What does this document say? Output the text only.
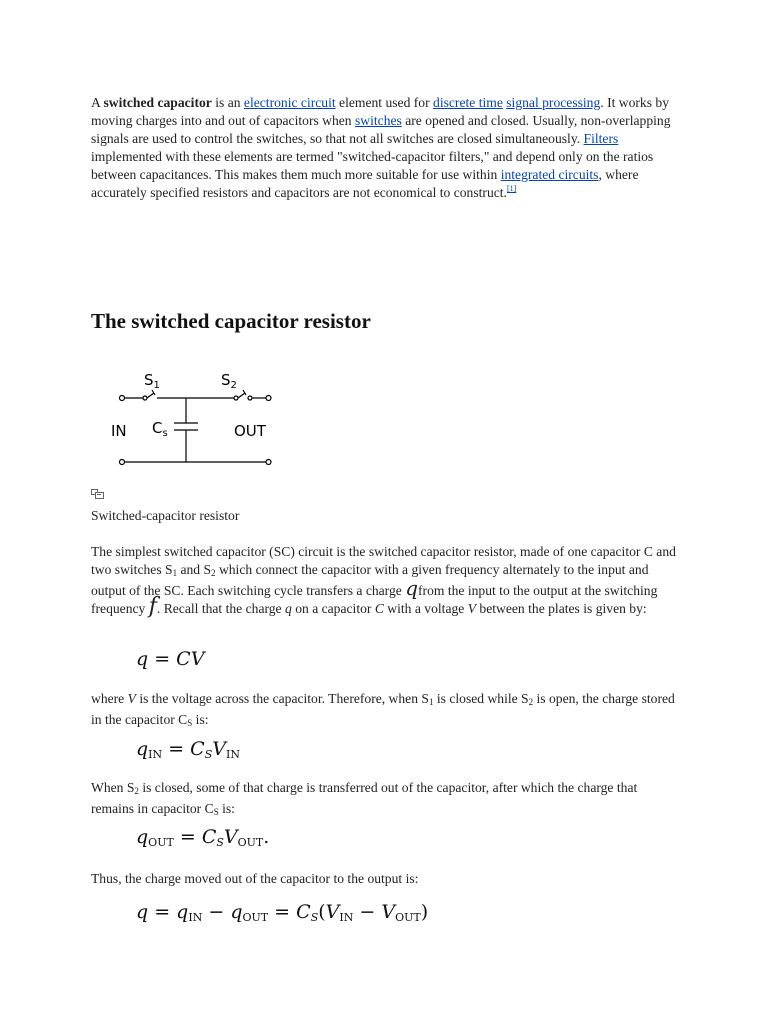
A switched capacitor is an electronic circuit element used for discrete time signal processing. It works by moving charges into and out of capacitors when switches are opened and closed. Usually, non-overlapping signals are used to control the switches, so that not all switches are closed simultaneously. Filters implemented with these elements are termed "switched-capacitor filters," and depend only on the ratios between capacitances. This makes them much more suitable for use within integrated circuits, where accurately specified resistors and capacitors are not economical to construct.[1]

The switched capacitor resistor
$S_1$	$S_2$
IN	OUT
$C_s$

Switched-capacitor resistor

The simplest switched capacitor (SC) circuit is the switched capacitor resistor, made of one capacitor C and two switches $S_1$ and $S_2$ which connect the capacitor with a given frequency alternately to the input and output of the SC. Each switching cycle transfers a charge qfrom the input to the output at the switching frequency f. Recall that the charge q on a capacitor C with a voltage V between the plates is given by:

q = CV

where V is the voltage across the capacitor. Therefore, when $S_1$ is closed while $S_2$ is open, the charge stored in the capacitor $C_S$ is:

$q_{IN} = C_SV_{IN}$

When $S_2$ is closed, some of that charge is transferred out of the capacitor, after which the charge that remains in capacitor $C_S$ is:

$q_{OUT} = C_SV_{OUT}$.

Thus, the charge moved out of the capacitor to the output is:

$q = q_{IN} - q_{OUT} = C_S(V_{IN} - V_{OUT})$
